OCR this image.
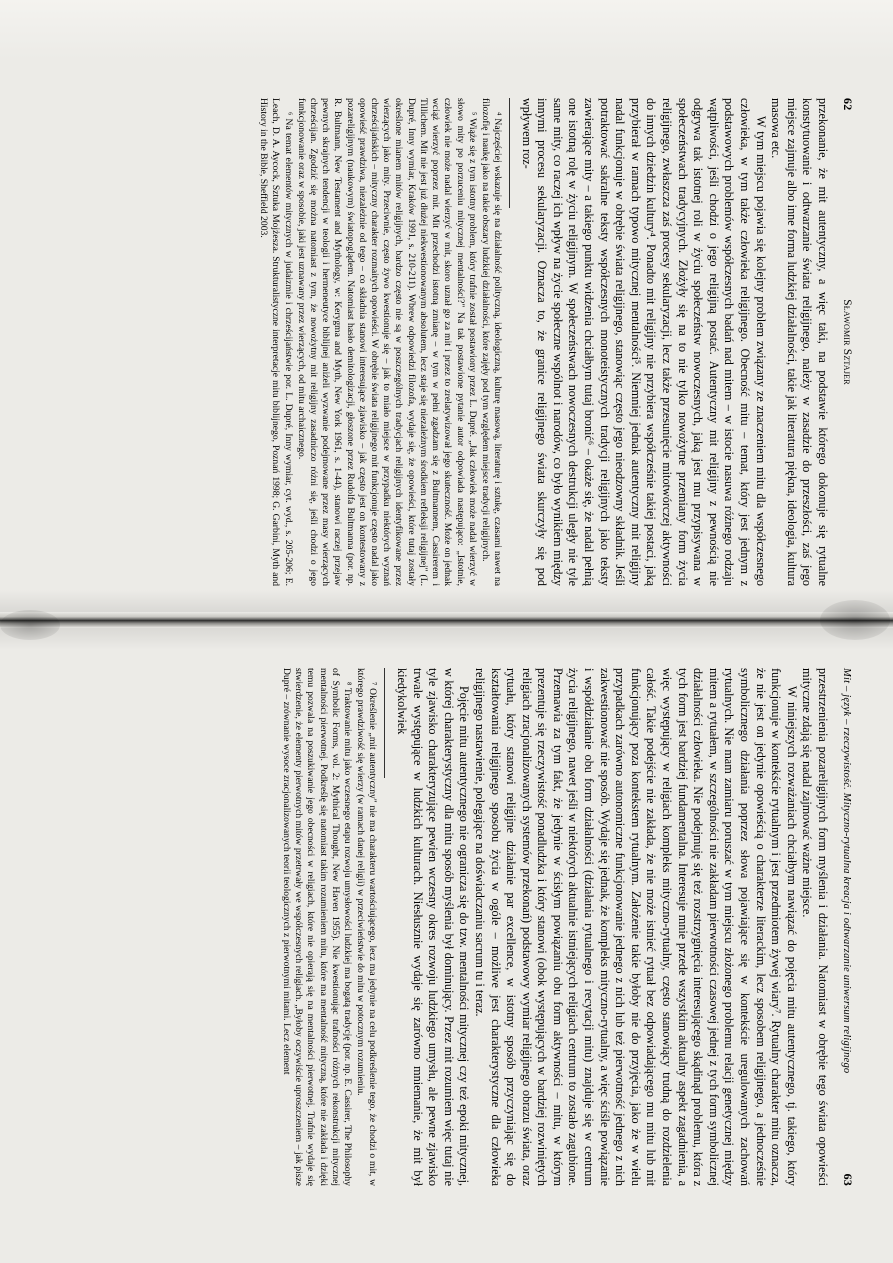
62
Sławomir Sztajer

przekonanie, że mit autentyczny, a więc taki, na podstawie którego dokonuje się rytualne konstytuowanie i odtwarzanie świata religijnego, należy w zasadzie do przeszłości, zaś jego miejsce zajmuje albo inne forma ludzkiej działalności, takie jak literatura piękna, ideologia, kultura masowa etc.

W tym miejscu pojawia się kolejny problem związany ze znaczeniem mitu dla współczesnego człowieka, w tym także człowieka religijnego. Obecność mitu – temat, który jest jednym z podstawowych problemów współczesnych badań nad mitem – w istocie nasuwa różnego rodzaju wątpliwości, jeśli chodzi o jego religijną postać. Autentyczny mit religijny z pewnością nie odgrywa tak istotnej roli w życiu społeczeństw nowoczesnych, jaką jest mu przypisywana w społeczeństwach tradycyjnych. Złożyły się na to nie tylko nowożytne przemiany form życia religijnego, zwłaszcza zaś procesy sekularyzacji, lecz także przesunięcie mitotwórczej aktywności do innych dziedzin kultury⁴. Ponadto mit religijny nie przybiera współcześnie takiej postaci, jaką przybierał w ramach typowo mitycznej mentalności⁵. Niemniej jednak autentyczny mit religijny nadal funkcjonuje w obrębie świata religijnego, stanowiąc często jego nieodzowny składnik. Jeśli potraktować sakralne teksty współczesnych monoteistycznych tradycji religijnych jako teksty zawierające mity – a takiego punktu widzenia chciałbym tutaj bronić⁶ – okaże się, że nadal pełnią one istotną rolę w życiu religijnym. W społeczeństwach nowoczesnych destrukcji uległy nie tyle same mity, co raczej ich wpływ na życie społeczne wspólnot i narodów, co było wynikiem między innymi procesu sekularyzacji. Oznacza to, że granice religijnego świata skurczyły się pod wpływem roz-

⁴ Najczęściej wskazuje się na działalność polityczną, ideologiczną, kulturę masową, literaturę i sztukę, czasami nawet na filozofię i naukę jako na takie obszary ludzkiej działalności, które zajęły pod tym względem miejsce tradycji religijnych.

⁵ Wiąże się z tym istotny problem, który trafnie został postawiony przez L. Dupré. „Jak człowiek może nadal wierzyć w słowo mity po porzuceniu mitycznej mentalności?" Na tak postawione pytanie autor odpowiada następująco: „Istotnie, człowiek nie może nadal wierzyć w mit, skoro uznał go za mit i przez to zrelatywizował jego skuteczność. Może on jednak wciąż wierzyć poprzez mit. Mit przechodzi istotną zmianę – w tym w pełni zgadzam się z Bultmannem, Cassirerem i Tillichem. Mit nie jest już dłużej niekwestionowanym absolutem, lecz staje się niezależnym środkiem refleksji religijnej" (L. Dupré, Inny wymiar, Kraków 1991, s. 210-211). Wbrew odpowiedzi filozofa, wydaje się, że opowieści, które tutaj zostały określone mianem mitów religijnych, bardzo często nie są w poszczególnych tradycjach religijnych identyfikowane przez wierzących jako mity. Przeciwnie, często żywo kwestionuje się – jak to miało miejsce w przypadku niektórych wyznań chrześcijańskich – mityczny charakter rozmaitych opowieści. W obrębie świata religijnego mit funkcjonuje często nadal jako opowieść prawdziwa, niezależnie od tego – co składnia stanowi interesujące zjawisko – jak często jest on kontestowany z pozareligijnym (naukowym) światopoglądem. Natomiast hasło demitologizacji, głoszone przez Rudolfa Bultmanna (por. np. R. Bultmann, New Testament and Mythology, w: Kerygma and Myth, New York 1961, s. 1-44), stanowi raczej przejaw pewnych skrajnych tendencji w teologii i hermeneutyce biblijnej aniżeli wyzwanie podejmowane przez masy wierzących chrześcijan. Zgodzić się można natomiast z tym, że nowożytny mit religijny zasadniczo różni się, jeśli chodzi o jego funkcjonowanie oraz w sposobie, jaki jest uznawany przez wierzących, od mitu archaicznego.

⁶ Na temat elementów mitycznych w judaizmie i chrześcijaństwie por. L. Dupré, Inny wymiar, cyt. wyd., s. 205-206; E. Leach, D. A. Aycock, Sztuka Mojżesza. Strukturalistyczne interpretacje mitu biblijnego, Poznań 1998; G. Garbini, Myth and History in the Bible, Sheffield 2003.

Mit – język – rzeczywistość. Mityczno-rytualna kreacja i odtwarzanie uniwersum religijnego
63

przestrzenienia pozareligijnych form myślenia i działania. Natomiast w obrębie tego świata opowieści mityczne zdają się nadal zajmować ważne miejsce.

W niniejszych rozważaniach chciałbym nawiązać do pojęcia mitu autentycznego, tj. takiego, który funkcjonuje w kontekście rytualnym i jest przedmiotem żywej wiary⁷. Rytualny charakter mitu oznacza, że nie jest on jedynie opowieścią o charakterze literackim, lecz sposobem religijnego, a jednocześnie symbolicznego działania poprzez słowa pojawiające się w kontekście uregulowanych zachowań rytualnych. Nie mam zamiaru poruszać w tym miejscu złożonego problemu relacji genetycznej między mitem a rytuałem, w szczególności nie zakładam pierwotności czasowej jednej z tych form symbolicznej działalności człowieka. Nie podejmuję się też rozstrzygnięcia interesującego skądinąd problemu, która z tych form jest bardziej fundamentalna. Interesuje mnie przede wszystkim aktualny aspekt zagadnienia, a więc występujący w religiach kompleks mityczno-rytualny, często stanowiący trudną do rozdzielenia całość. Takie podejście nie zakłada, że nie może istnieć rytuał bez odpowiadającego mu mitu lub mit funkcjonujący poza kontekstem rytualnym. Założenie takie byłoby nie do przyjęcia, jako że w wielu przypadkach zarówno autonomiczne funkcjonowanie jednego z nich lub też pierwotność jednego z nich zakwestionować nie sposób. Wydaje się jednak, że kompleks mityczno-rytualny, a więc ściśle powiązanie i współdziałanie obu form działalności (działania rytualnego i recytacji mitu) znajduje się w centrum życia religijnego, nawet jeśli w niektórych aktualnie istniejących religiach centrum to zostało zagubione. Przemawia za tym fakt, że jedynie w ścisłym powiązaniu obu form aktywności – mitu, w którym prezentuje się rzeczywistość ponadludzka i który stanowi (obok występujących w bardziej rozwiniętych religiach zracjonalizowanych systemów przekonań) podstawowy wymiar religijnego obrazu świata, oraz rytuału, który stanowi religijne działanie par excellence, w istotny sposób przyczyniając się do kształtowania religijnego sposobu życia w ogóle – możliwe jest charakterystyczne dla człowieka religijnego nastawienie, polegające na doświadczaniu sacrum tu i teraz.

Pojęcie mitu autentycznego nie ogranicza się do tzw. mentalności mitycznej czy też epoki mitycznej, w której charakterystyczny dla mitu sposób myślenia był dominujący. Przez mit rozumiem więc tutaj nie tyle zjawisko charakteryzujące pewien wczesny okres rozwoju ludzkiego umysłu, ale pewne zjawisko trwale występujące w ludzkich kulturach. Niesłusznie wydaje się zarówno mniemanie, że mit był kiedykolwiek

⁷ Określenie „mit autentyczny" nie ma charakteru wartościującego, lecz ma jedynie na celu podkreślenie tego, że chodzi o mit, w którego prawdziwość się wierzy (w ramach danej religii) w przeciwieństwie do mitu w potocznym rozumieniu.

⁸ Traktowanie mitu jako wczesnego etapu rozwoju umysłowości ludzkiej ma bogatą tradycję (por. np. E. Cassirer, The Philosophy of Symbolic Forms, vol. 2: Mythical Thought, New Haven 1955). Nie kwestionując trafności różnych rekonstrukcji mitycznej mentalności pierwotnej. Podkreślę się natomiast takim rozumieniem mitu, które ma mentalność mityczną, które nie zakłada i dzięki temu pozwala na poszukiwanie jego obecności w religiach, które nie opierają się na mentalności pierwotnej. Trafnie wydaje się stwierdzenie, że elementy pierwotnych mitów przetrwały we współczesnych religiach. „Byłoby oczywiście uproszczeniem – jak pisze Dupré – zrównanie wysoce zracjonalizowanych teorii teologicznych z pierwotnymi mitami. Lecz element
